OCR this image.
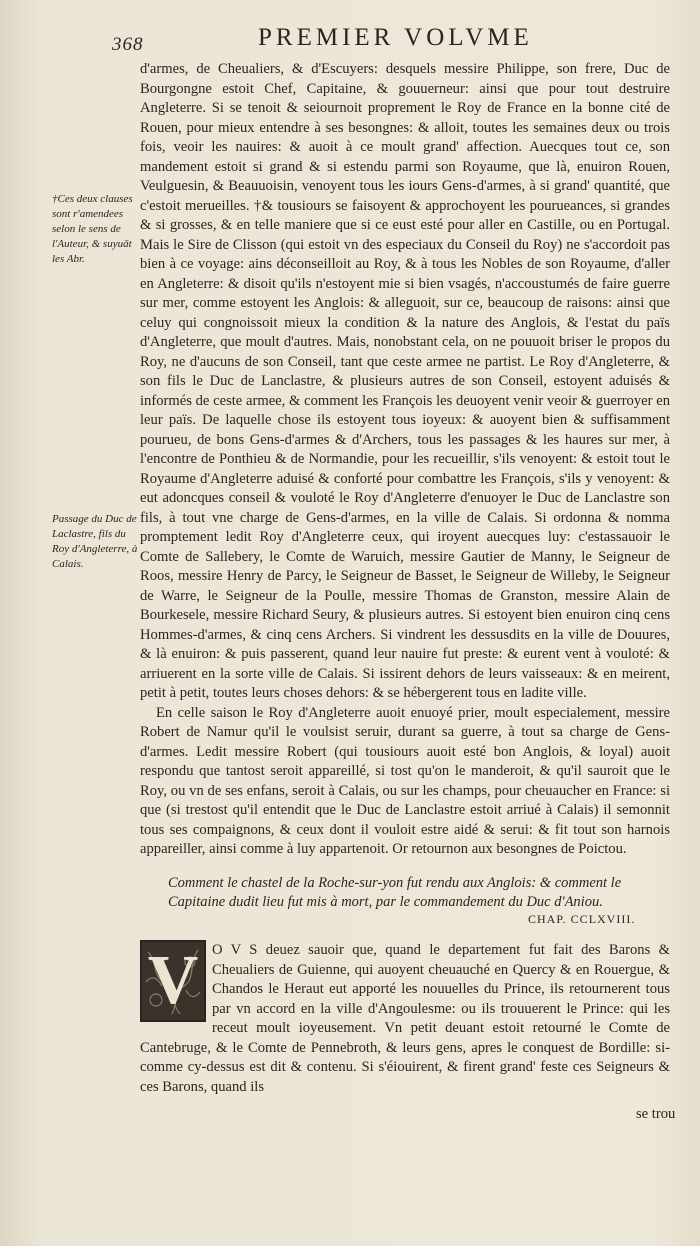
368	PREMIER VOLVME
†Ces deux clauses sont r'amendees selon le sens de l'Auteur, & suyuāt les Abr.
Passage du Duc de Laclastre, fils du Roy d'Angleterre, à Calais.

d'armes, de Cheualiers, & d'Escuyers: desquels messire Philippe, son frere, Duc de Bourgongne estoit Chef, Capitaine, & gouuerneur: ainsi que pour tout destruire Angleterre. Si se tenoit & seiournoit proprement le Roy de France en la bonne cité de Rouen, pour mieux entendre à ses besongnes: & alloit, toutes les semaines deux ou trois fois, veoir les nauires: & auoit à ce moult grand' affection. Auecques tout ce, son mandement estoit si grand & si estendu parmi son Royaume, que là, enuiron Rouen, Veulguesin, & Beauuoisin, venoyent tous les iours Gens-d'armes, à si grand' quantité, que c'estoit merueilles. †& tousiours se faisoyent & approchoyent les pourueances, si grandes & si grosses, & en telle maniere que si ce eust esté pour aller en Castille, ou en Portugal. Mais le Sire de Clisson (qui estoit vn des especiaux du Conseil du Roy) ne s'accordoit pas bien à ce voyage: ains déconseilloit au Roy, & à tous les Nobles de son Royaume, d'aller en Angleterre: & disoit qu'ils n'estoyent mie si bien vsagés, n'accoustumés de faire guerre sur mer, comme estoyent les Anglois: & alleguoit, sur ce, beaucoup de raisons: ainsi que celuy qui congnoissoit mieux la condition & la nature des Anglois, & l'estat du païs d'Angleterre, que moult d'autres. Mais, nonobstant cela, on ne pouuoit briser le propos du Roy, ne d'aucuns de son Conseil, tant que ceste armee ne partist. Le Roy d'Angleterre, & son fils le Duc de Lanclastre, & plusieurs autres de son Conseil, estoyent aduisés & informés de ceste armee, & comment les François les deuoyent venir veoir & guerroyer en leur païs. De laquelle chose ils estoyent tous ioyeux: & auoyent bien & suffisamment pourueu, de bons Gens-d'armes & d'Archers, tous les passages & les haures sur mer, à l'encontre de Ponthieu & de Normandie, pour les recueillir, s'ils venoyent: & estoit tout le Royaume d'Angleterre aduisé & conforté pour combattre les François, s'ils y venoyent: & eut adoncques conseil & vouloté le Roy d'Angleterre d'enuoyer le Duc de Lanclastre son fils, à tout vne charge de Gens-d'armes, en la ville de Calais. Si ordonna & nomma promptement ledit Roy d'Angleterre ceux, qui iroyent auecques luy: c'estassauoir le Comte de Sallebery, le Comte de Waruich, messire Gautier de Manny, le Seigneur de Roos, messire Henry de Parcy, le Seigneur de Basset, le Seigneur de Willeby, le Seigneur de Warre, le Seigneur de la Poulle, messire Thomas de Granston, messire Alain de Bourkesele, messire Richard Seury, & plusieurs autres. Si estoyent bien enuiron cinq cens Hommes-d'armes, & cinq cens Archers. Si vindrent les dessusdits en la ville de Douures, & là enuiron: & puis passerent, quand leur nauire fut preste: & eurent vent à vouloté: & arriuerent en la sorte ville de Calais. Si issirent dehors de leurs vaisseaux: & en meirent, petit à petit, toutes leurs choses dehors: & se hébergerent tous en ladite ville.

En celle saison le Roy d'Angleterre auoit enuoyé prier, moult especialement, messire Robert de Namur qu'il le voulsist seruir, durant sa guerre, à tout sa charge de Gens-d'armes. Ledit messire Robert (qui tousiours auoit esté bon Anglois, & loyal) auoit respondu que tantost seroit appareillé, si tost qu'on le manderoit, & qu'il sauroit que le Roy, ou vn de ses enfans, seroit à Calais, ou sur les champs, pour cheuaucher en France: si que (si trestost qu'il entendit que le Duc de Lanclastre estoit arriué à Calais) il semonnit tous ses compaignons, & ceux dont il vouloit estre aidé & serui: & fit tout son harnois appareiller, ainsi comme à luy appartenoit. Or retournon aux besongnes de Poictou.

Comment le chastel de la Roche-sur-yon fut rendu aux Anglois: & comment le Capitaine dudit lieu fut mis à mort, par le commandement du Duc d'Aniou.
CHAP. CCLXVIII.
V O V S deuez sauoir que, quand le departement fut fait des Barons & Cheualiers de Guienne, qui auoyent cheuauché en Quercy & en Rouergue, & Chandos le Heraut eut apporté les nouuelles du Prince, ils retournerent tous par vn accord en la ville d'Angoulesme: ou ils trouuerent le Prince: qui les receut moult ioyeusement. Vn petit deuant estoit retourné le Comte de Cantebruge, & le Comte de Pennebroth, & leurs gens, apres le conquest de Bordille: si-comme cy-dessus est dit & contenu. Si s'éiouirent, & firent grand' feste ces Seigneurs & ces Barons, quand ils
se trou
